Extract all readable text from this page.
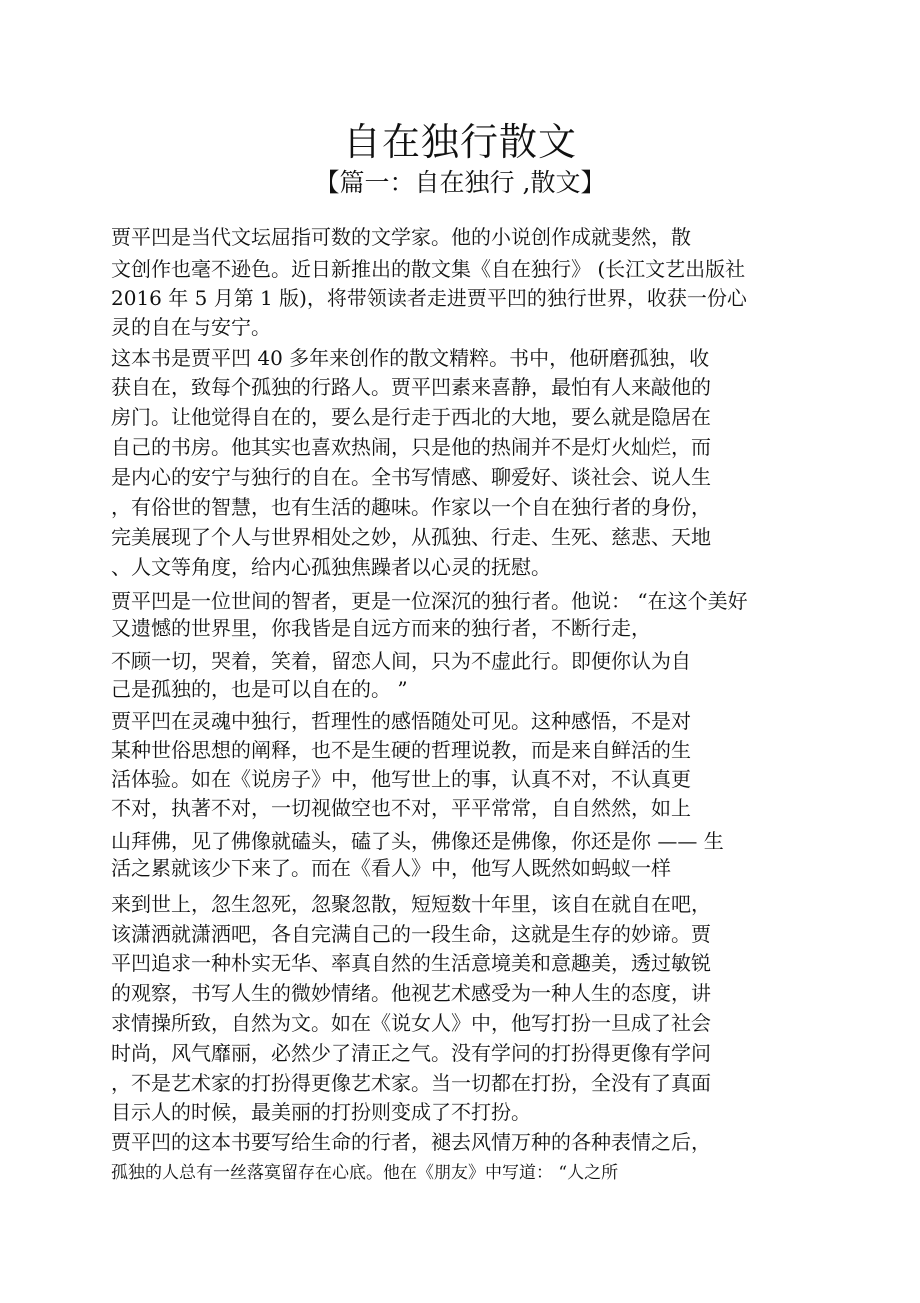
自在独行散文
【篇一：自在独行 ,散文】

贾平凹是当代文坛屈指可数的文学家。他的小说创作成就斐然，散

文创作也毫不逊色。近日新推出的散文集《自在独行》 (长江文艺出版社

2016 年 5 月第 1 版)，将带领读者走进贾平凹的独行世界，收获一份心

灵的自在与安宁。

这本书是贾平凹 40 多年来创作的散文精粹。书中，他研磨孤独，收

获自在，致每个孤独的行路人。贾平凹素来喜静，最怕有人来敲他的

房门。让他觉得自在的，要么是行走于西北的大地，要么就是隐居在

自己的书房。他其实也喜欢热闹，只是他的热闹并不是灯火灿烂，而

是内心的安宁与独行的自在。全书写情感、聊爱好、谈社会、说人生

，有俗世的智慧，也有生活的趣味。作家以一个自在独行者的身份，

完美展现了个人与世界相处之妙，从孤独、行走、生死、慈悲、天地

、人文等角度，给内心孤独焦躁者以心灵的抚慰。

贾平凹是一位世间的智者，更是一位深沉的独行者。他说： “在这个美好

又遗憾的世界里，你我皆是自远方而来的独行者，不断行走，

不顾一切，哭着，笑着，留恋人间，只为不虚此行。即便你认为自

己是孤独的，也是可以自在的。 ”

贾平凹在灵魂中独行，哲理性的感悟随处可见。这种感悟，不是对

某种世俗思想的阐释，也不是生硬的哲理说教，而是来自鲜活的生

活体验。如在《说房子》中，他写世上的事，认真不对，不认真更

不对，执著不对，一切视做空也不对，平平常常，自自然然，如上

山拜佛，见了佛像就磕头，磕了头，佛像还是佛像，你还是你 —— 生

活之累就该少下来了。而在《看人》中，他写人既然如蚂蚁一样

来到世上，忽生忽死，忽聚忽散，短短数十年里，该自在就自在吧，

该潇洒就潇洒吧，各自完满自己的一段生命，这就是生存的妙谛。贾

平凹追求一种朴实无华、率真自然的生活意境美和意趣美，透过敏锐

的观察，书写人生的微妙情绪。他视艺术感受为一种人生的态度，讲

求情操所致，自然为文。如在《说女人》中，他写打扮一旦成了社会

时尚，风气靡丽，必然少了清正之气。没有学问的打扮得更像有学问

，不是艺术家的打扮得更像艺术家。当一切都在打扮，全没有了真面

目示人的时候，最美丽的打扮则变成了不打扮。

贾平凹的这本书要写给生命的行者，褪去风情万种的各种表情之后，

孤独的人总有一丝落寞留存在心底。他在《朋友》中写道： “人之所
